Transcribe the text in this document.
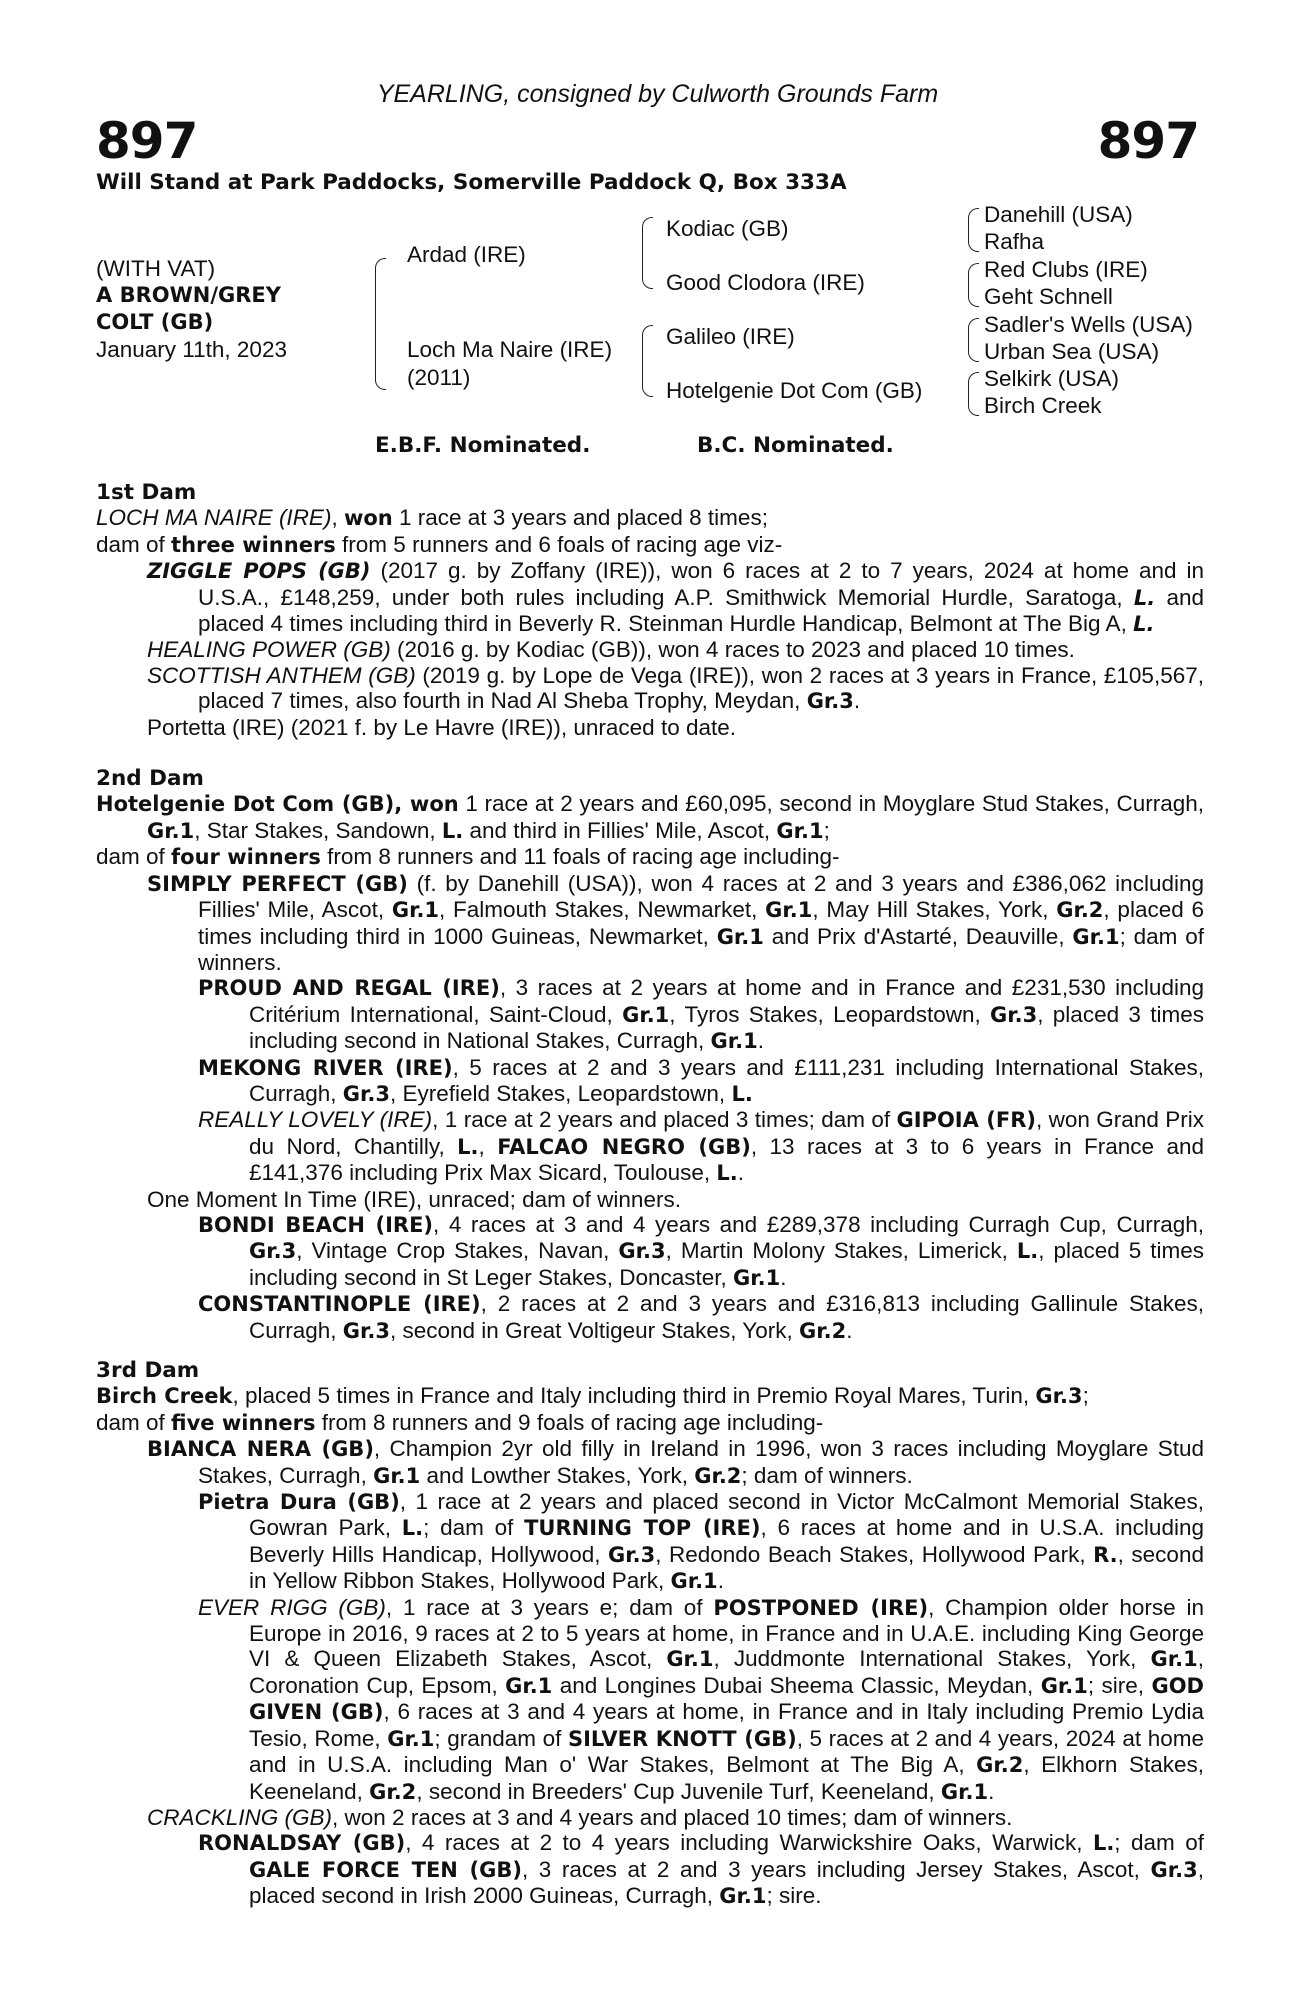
YEARLING, consigned by Culworth Grounds Farm
897	897
Will Stand at Park Paddocks, Somerville Paddock Q, Box 333A
(WITH VAT)
A BROWN/GREY
COLT (GB)
January 11th, 2023
Ardad (IRE)
Loch Ma Naire (IRE)
(2011)
Kodiac (GB)
Good Clodora (IRE)
Galileo (IRE)
Hotelgenie Dot Com (GB)
Danehill (USA)
Rafha
Red Clubs (IRE)
Geht Schnell
Sadler's Wells (USA)
Urban Sea (USA)
Selkirk (USA)
Birch Creek
E.B.F. Nominated.	B.C. Nominated.
1st Dam

LOCH MA NAIRE (IRE), won 1 race at 3 years and placed 8 times;

dam of three winners from 5 runners and 6 foals of racing age viz-

ZIGGLE POPS (GB) (2017 g. by Zoffany (IRE)), won 6 races at 2 to 7 years, 2024 at home and in U.S.A., £148,259, under both rules including A.P. Smithwick Memorial Hurdle, Saratoga, L. and placed 4 times including third in Beverly R. Steinman Hurdle Handicap, Belmont at The Big A, L.

HEALING POWER (GB) (2016 g. by Kodiac (GB)), won 4 races to 2023 and placed 10 times.

SCOTTISH ANTHEM (GB) (2019 g. by Lope de Vega (IRE)), won 2 races at 3 years in France, £105,567, placed 7 times, also fourth in Nad Al Sheba Trophy, Meydan, Gr.3.

Portetta (IRE) (2021 f. by Le Havre (IRE)), unraced to date.

2nd Dam

Hotelgenie Dot Com (GB), won 1 race at 2 years and £60,095, second in Moyglare Stud Stakes, Curragh, Gr.1, Star Stakes, Sandown, L. and third in Fillies' Mile, Ascot, Gr.1;

dam of four winners from 8 runners and 11 foals of racing age including-

SIMPLY PERFECT (GB) (f. by Danehill (USA)), won 4 races at 2 and 3 years and £386,062 including Fillies' Mile, Ascot, Gr.1, Falmouth Stakes, Newmarket, Gr.1, May Hill Stakes, York, Gr.2, placed 6 times including third in 1000 Guineas, Newmarket, Gr.1 and Prix d'Astarté, Deauville, Gr.1; dam of winners.

PROUD AND REGAL (IRE), 3 races at 2 years at home and in France and £231,530 including Critérium International, Saint-Cloud, Gr.1, Tyros Stakes, Leopardstown, Gr.3, placed 3 times including second in National Stakes, Curragh, Gr.1.

MEKONG RIVER (IRE), 5 races at 2 and 3 years and £111,231 including International Stakes, Curragh, Gr.3, Eyrefield Stakes, Leopardstown, L.

REALLY LOVELY (IRE), 1 race at 2 years and placed 3 times; dam of GIPOIA (FR), won Grand Prix du Nord, Chantilly, L., FALCAO NEGRO (GB), 13 races at 3 to 6 years in France and £141,376 including Prix Max Sicard, Toulouse, L..

One Moment In Time (IRE), unraced; dam of winners.

BONDI BEACH (IRE), 4 races at 3 and 4 years and £289,378 including Curragh Cup, Curragh, Gr.3, Vintage Crop Stakes, Navan, Gr.3, Martin Molony Stakes, Limerick, L., placed 5 times including second in St Leger Stakes, Doncaster, Gr.1.

CONSTANTINOPLE (IRE), 2 races at 2 and 3 years and £316,813 including Gallinule Stakes, Curragh, Gr.3, second in Great Voltigeur Stakes, York, Gr.2.

3rd Dam

Birch Creek, placed 5 times in France and Italy including third in Premio Royal Mares, Turin, Gr.3;

dam of five winners from 8 runners and 9 foals of racing age including-

BIANCA NERA (GB), Champion 2yr old filly in Ireland in 1996, won 3 races including Moyglare Stud Stakes, Curragh, Gr.1 and Lowther Stakes, York, Gr.2; dam of winners.

Pietra Dura (GB), 1 race at 2 years and placed second in Victor McCalmont Memorial Stakes, Gowran Park, L.; dam of TURNING TOP (IRE), 6 races at home and in U.S.A. including Beverly Hills Handicap, Hollywood, Gr.3, Redondo Beach Stakes, Hollywood Park, R., second in Yellow Ribbon Stakes, Hollywood Park, Gr.1.

EVER RIGG (GB), 1 race at 3 years e; dam of POSTPONED (IRE), Champion older horse in Europe in 2016, 9 races at 2 to 5 years at home, in France and in U.A.E. including King George VI & Queen Elizabeth Stakes, Ascot, Gr.1, Juddmonte International Stakes, York, Gr.1, Coronation Cup, Epsom, Gr.1 and Longines Dubai Sheema Classic, Meydan, Gr.1; sire, GOD GIVEN (GB), 6 races at 3 and 4 years at home, in France and in Italy including Premio Lydia Tesio, Rome, Gr.1; grandam of SILVER KNOTT (GB), 5 races at 2 and 4 years, 2024 at home and in U.S.A. including Man o' War Stakes, Belmont at The Big A, Gr.2, Elkhorn Stakes, Keeneland, Gr.2, second in Breeders' Cup Juvenile Turf, Keeneland, Gr.1.

CRACKLING (GB), won 2 races at 3 and 4 years and placed 10 times; dam of winners.

RONALDSAY (GB), 4 races at 2 to 4 years including Warwickshire Oaks, Warwick, L.; dam of GALE FORCE TEN (GB), 3 races at 2 and 3 years including Jersey Stakes, Ascot, Gr.3, placed second in Irish 2000 Guineas, Curragh, Gr.1; sire.
